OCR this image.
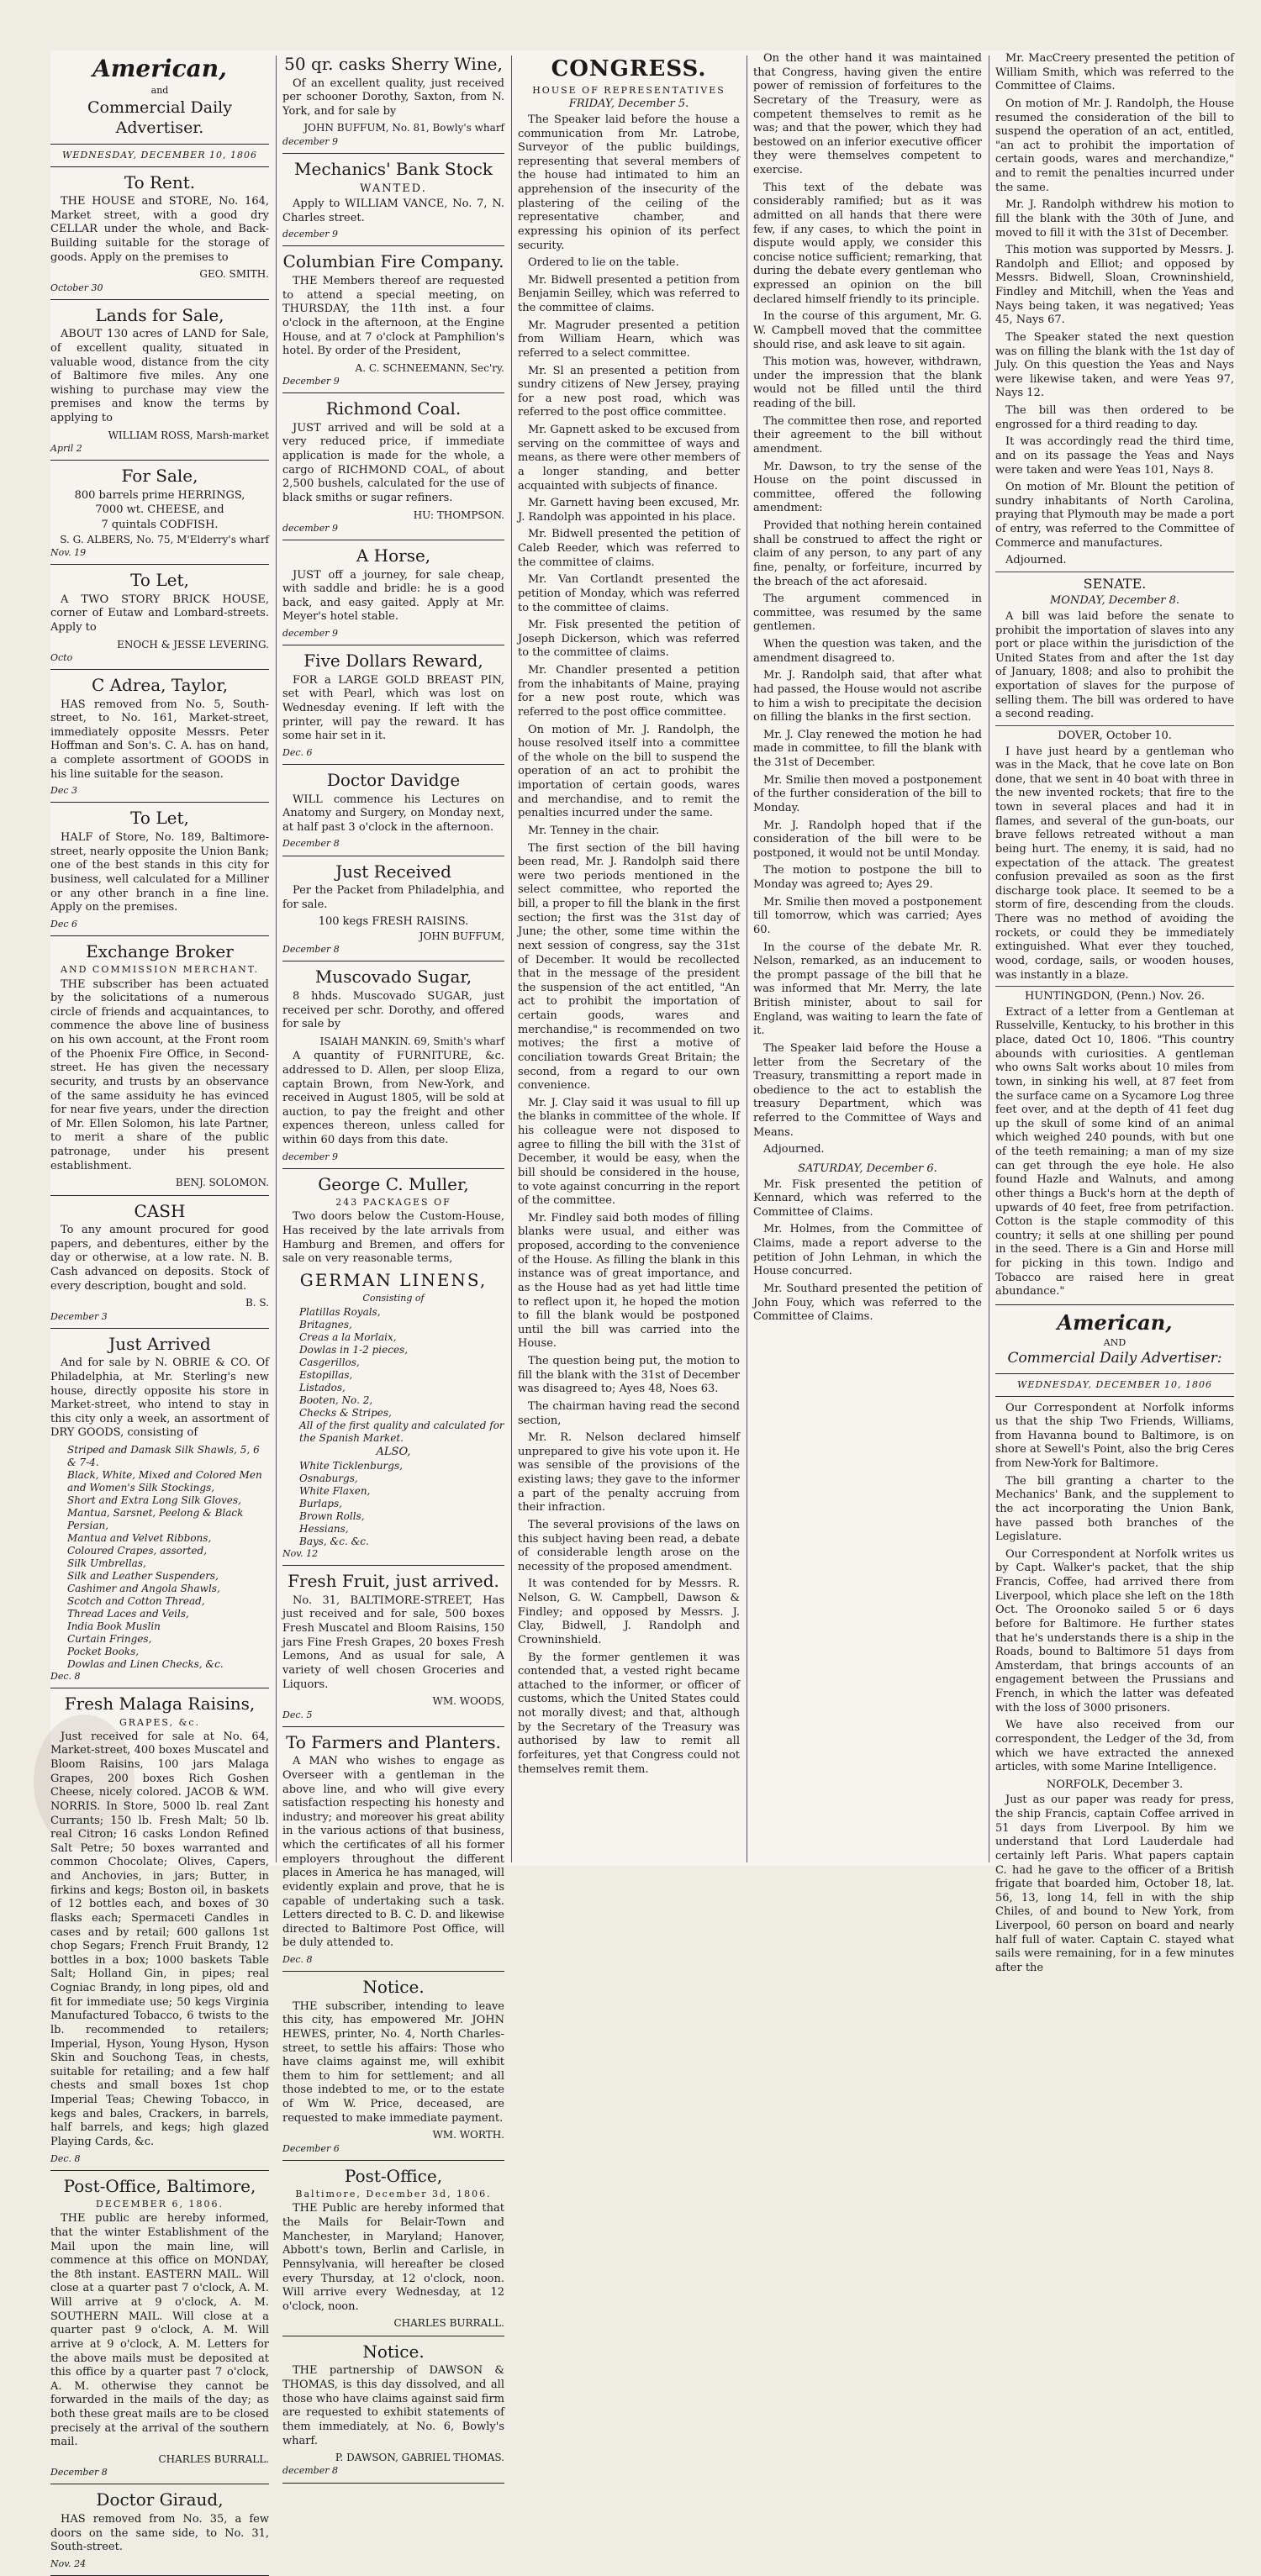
American,
and
Commercial Daily Advertiser.
WEDNESDAY, DECEMBER 10, 1806
To Rent.

THE HOUSE and STORE, No. 164, Market street, with a good dry CELLAR under the whole, and Back-Building suitable for the storage of goods. Apply on the premises to

GEO. SMITH.
October 30
Lands for Sale,

ABOUT 130 acres of LAND for Sale, of excellent quality, situated in valuable wood, distance from the city of Baltimore five miles. Any one wishing to purchase may view the premises and know the terms by applying to

WILLIAM ROSS, Marsh-market
April 2
For Sale,
800 barrels prime HERRINGS,
7000 wt. CHEESE, and
7 quintals CODFISH.
S. G. ALBERS, No. 75, M'Elderry's wharf
Nov. 19
To Let,

A TWO STORY BRICK HOUSE, corner of Eutaw and Lombard-streets. Apply to

ENOCH & JESSE LEVERING.
Octo
C Adrea, Taylor,

HAS removed from No. 5, South-street, to No. 161, Market-street, immediately opposite Messrs. Peter Hoffman and Son's. C. A. has on hand, a complete assortment of GOODS in his line suitable for the season.

Dec 3
To Let,

HALF of Store, No. 189, Baltimore-street, nearly opposite the Union Bank; one of the best stands in this city for business, well calculated for a Milliner or any other branch in a fine line. Apply on the premises.

Dec 6
Exchange Broker
AND COMMISSION MERCHANT.

THE subscriber has been actuated by the solicitations of a numerous circle of friends and acquaintances, to commence the above line of business on his own account, at the Front room of the Phoenix Fire Office, in Second-street. He has given the necessary security, and trusts by an observance of the same assiduity he has evinced for near five years, under the direction of Mr. Ellen Solomon, his late Partner, to merit a share of the public patronage, under his present establishment.

BENJ. SOLOMON.
CASH

To any amount procured for good papers, and debentures, either by the day or otherwise, at a low rate. N. B. Cash advanced on deposits. Stock of every description, bought and sold.

B. S.
December 3
Just Arrived

And for sale by N. OBRIE & CO. Of Philadelphia, at Mr. Sterling's new house, directly opposite his store in Market-street, who intend to stay in this city only a week, an assortment of DRY GOODS, consisting of

Striped and Damask Silk Shawls, 5, 6 & 7-4.
Black, White, Mixed and Colored Men and Women's Silk Stockings,
Short and Extra Long Silk Gloves,
Mantua, Sarsnet, Peelong & Black Persian,
Mantua and Velvet Ribbons,
Coloured Crapes, assorted,
Silk Umbrellas,
Silk and Leather Suspenders,
Cashimer and Angola Shawls,
Scotch and Cotton Thread,
Thread Laces and Veils,
India Book Muslin
Curtain Fringes,
Pocket Books,
Dowlas and Linen Checks, &c.
Dec. 8
Fresh Malaga Raisins,
GRAPES, &c.

Just received for sale at No. 64, Market-street, 400 boxes Muscatel and Bloom Raisins, 100 jars Malaga Grapes, 200 boxes Rich Goshen Cheese, nicely colored. JACOB & WM. NORRIS. In Store, 5000 lb. real Zant Currants; 150 lb. Fresh Malt; 50 lb. real Citron; 16 casks London Refined Salt Petre; 50 boxes warranted and common Chocolate; Olives, Capers, and Anchovies, in jars; Butter, in firkins and kegs; Boston oil, in baskets of 12 bottles each, and boxes of 30 flasks each; Spermaceti Candles in cases and by retail; 600 gallons 1st chop Segars; French Fruit Brandy, 12 bottles in a box; 1000 baskets Table Salt; Holland Gin, in pipes; real Cogniac Brandy, in long pipes, old and fit for immediate use; 50 kegs Virginia Manufactured Tobacco, 6 twists to the lb. recommended to retailers; Imperial, Hyson, Young Hyson, Hyson Skin and Souchong Teas, in chests, suitable for retailing; and a few half chests and small boxes 1st chop Imperial Teas; Chewing Tobacco, in kegs and bales, Crackers, in barrels, half barrels, and kegs; high glazed Playing Cards, &c.

Dec. 8
Post-Office, Baltimore,
DECEMBER 6, 1806.

THE public are hereby informed, that the winter Establishment of the Mail upon the main line, will commence at this office on MONDAY, the 8th instant. EASTERN MAIL. Will close at a quarter past 7 o'clock, A. M. Will arrive at 9 o'clock, A. M. SOUTHERN MAIL. Will close at a quarter past 9 o'clock, A. M. Will arrive at 9 o'clock, A. M. Letters for the above mails must be deposited at this office by a quarter past 7 o'clock, A. M. otherwise they cannot be forwarded in the mails of the day; as both these great mails are to be closed precisely at the arrival of the southern mail.

CHARLES BURRALL.
December 8
Doctor Giraud,

HAS removed from No. 35, a few doors on the same side, to No. 31, South-street.

Nov. 24
50 qr. casks Sherry Wine,

Of an excellent quality, just received per schooner Dorothy, Saxton, from N. York, and for sale by

JOHN BUFFUM, No. 81, Bowly's wharf
december 9
Mechanics' Bank Stock
WANTED.

Apply to WILLIAM VANCE, No. 7, N. Charles street.

december 9
Columbian Fire Company.

THE Members thereof are requested to attend a special meeting, on THURSDAY, the 11th inst. a four o'clock in the afternoon, at the Engine House, and at 7 o'clock at Pamphilion's hotel. By order of the President,

A. C. SCHNEEMANN, Sec'ry.
December 9
Richmond Coal.

JUST arrived and will be sold at a very reduced price, if immediate application is made for the whole, a cargo of RICHMOND COAL, of about 2,500 bushels, calculated for the use of black smiths or sugar refiners.

HU: THOMPSON.
december 9
A Horse,

JUST off a journey, for sale cheap, with saddle and bridle: he is a good back, and easy gaited. Apply at Mr. Meyer's hotel stable.

december 9
Five Dollars Reward,

FOR a LARGE GOLD BREAST PIN, set with Pearl, which was lost on Wednesday evening. If left with the printer, will pay the reward. It has some hair set in it.

Dec. 6
Doctor Davidge

WILL commence his Lectures on Anatomy and Surgery, on Monday next, at half past 3 o'clock in the afternoon.

December 8
Just Received

Per the Packet from Philadelphia, and for sale.

100 kegs FRESH RAISINS.
JOHN BUFFUM,
December 8
Muscovado Sugar,

8 hhds. Muscovado SUGAR, just received per schr. Dorothy, and offered for sale by

ISAIAH MANKIN. 69, Smith's wharf

A quantity of FURNITURE, &c. addressed to D. Allen, per sloop Eliza, captain Brown, from New-York, and received in August 1805, will be sold at auction, to pay the freight and other expences thereon, unless called for within 60 days from this date.

december 9
George C. Muller,
243 PACKAGES OF

Two doors below the Custom-House, Has received by the late arrivals from Hamburg and Bremen, and offers for sale on very reasonable terms,

GERMAN LINENS,
Consisting of
Platillas Royals,
Britagnes,
Creas a la Morlaix,
Dowlas in 1-2 pieces,
Casgerillos,
Estopillas,
Listados,
Booten, No. 2,
Checks & Stripes,
All of the first quality and calculated for the Spanish Market.
ALSO,
White Ticklenburgs,
Osnaburgs,
White Flaxen,
Burlaps,
Brown Rolls,
Hessians,
Bays, &c. &c.
Nov. 12
Fresh Fruit, just arrived.

No. 31, BALTIMORE-STREET, Has just received and for sale, 500 boxes Fresh Muscatel and Bloom Raisins, 150 jars Fine Fresh Grapes, 20 boxes Fresh Lemons, And as usual for sale, A variety of well chosen Groceries and Liquors.

WM. WOODS,
Dec. 5
To Farmers and Planters.

A MAN who wishes to engage as Overseer with a gentleman in the above line, and who will give every satisfaction respecting his honesty and industry; and moreover his great ability in the various actions of that business, which the certificates of all his former employers throughout the different places in America he has managed, will evidently explain and prove, that he is capable of undertaking such a task. Letters directed to B. C. D. and likewise directed to Baltimore Post Office, will be duly attended to.

Dec. 8
Notice.

THE subscriber, intending to leave this city, has empowered Mr. JOHN HEWES, printer, No. 4, North Charles-street, to settle his affairs: Those who have claims against me, will exhibit them to him for settlement; and all those indebted to me, or to the estate of Wm W. Price, deceased, are requested to make immediate payment.

WM. WORTH.
December 6
Post-Office,
Baltimore, December 3d, 1806.

THE Public are hereby informed that the Mails for Belair-Town and Manchester, in Maryland; Hanover, Abbott's town, Berlin and Carlisle, in Pennsylvania, will hereafter be closed every Thursday, at 12 o'clock, noon. Will arrive every Wednesday, at 12 o'clock, noon.

CHARLES BURRALL.
Notice.

THE partnership of DAWSON & THOMAS, is this day dissolved, and all those who have claims against said firm are requested to exhibit statements of them immediately, at No. 6, Bowly's wharf.

P. DAWSON, GABRIEL THOMAS.
december 8
CONGRESS.
HOUSE OF REPRESENTATIVES
FRIDAY, December 5.

The Speaker laid before the house a communication from Mr. Latrobe, Surveyor of the public buildings, representing that several members of the house had intimated to him an apprehension of the insecurity of the plastering of the ceiling of the representative chamber, and expressing his opinion of its perfect security.

Ordered to lie on the table.

Mr. Bidwell presented a petition from Benjamin Seilley, which was referred to the committee of claims.

Mr. Magruder presented a petition from William Hearn, which was referred to a select committee.

Mr. Sl an presented a petition from sundry citizens of New Jersey, praying for a new post road, which was referred to the post office committee.

Mr. Gapnett asked to be excused from serving on the committee of ways and means, as there were other members of a longer standing, and better acquainted with subjects of finance.

Mr. Garnett having been excused, Mr. J. Randolph was appointed in his place.

Mr. Bidwell presented the petition of Caleb Reeder, which was referred to the committee of claims.

Mr. Van Cortlandt presented the petition of Monday, which was referred to the committee of claims.

Mr. Fisk presented the petition of Joseph Dickerson, which was referred to the committee of claims.

Mr. Chandler presented a petition from the inhabitants of Maine, praying for a new post route, which was referred to the post office committee.

On motion of Mr. J. Randolph, the house resolved itself into a committee of the whole on the bill to suspend the operation of an act to prohibit the importation of certain goods, wares and merchandise, and to remit the penalties incurred under the same.

Mr. Tenney in the chair.

The first section of the bill having been read, Mr. J. Randolph said there were two periods mentioned in the select committee, who reported the bill, a proper to fill the blank in the first section; the first was the 31st day of June; the other, some time within the next session of congress, say the 31st of December. It would be recollected that in the message of the president the suspension of the act entitled, "An act to prohibit the importation of certain goods, wares and merchandise," is recommended on two motives; the first a motive of conciliation towards Great Britain; the second, from a regard to our own convenience.

Mr. J. Clay said it was usual to fill up the blanks in committee of the whole. If his colleague were not disposed to agree to filling the bill with the 31st of December, it would be easy, when the bill should be considered in the house, to vote against concurring in the report of the committee.

Mr. Findley said both modes of filling blanks were usual, and either was proposed, according to the convenience of the House. As filling the blank in this instance was of great importance, and as the House had as yet had little time to reflect upon it, he hoped the motion to fill the blank would be postponed until the bill was carried into the House.

The question being put, the motion to fill the blank with the 31st of December was disagreed to; Ayes 48, Noes 63.

The chairman having read the second section,

Mr. R. Nelson declared himself unprepared to give his vote upon it. He was sensible of the provisions of the existing laws; they gave to the informer a part of the penalty accruing from their infraction.

The several provisions of the laws on this subject having been read, a debate of considerable length arose on the necessity of the proposed amendment.

It was contended for by Messrs. R. Nelson, G. W. Campbell, Dawson & Findley; and opposed by Messrs. J. Clay, Bidwell, J. Randolph and Crowninshield.

By the former gentlemen it was contended that, a vested right became attached to the informer, or officer of customs, which the United States could not morally divest; and that, although by the Secretary of the Treasury was authorised by law to remit all forfeitures, yet that Congress could not themselves remit them.

On the other hand it was maintained that Congress, having given the entire power of remission of forfeitures to the Secretary of the Treasury, were as competent themselves to remit as he was; and that the power, which they had bestowed on an inferior executive officer they were themselves competent to exercise.

This text of the debate was considerably ramified; but as it was admitted on all hands that there were few, if any cases, to which the point in dispute would apply, we consider this concise notice sufficient; remarking, that during the debate every gentleman who expressed an opinion on the bill declared himself friendly to its principle.

In the course of this argument, Mr. G. W. Campbell moved that the committee should rise, and ask leave to sit again.

This motion was, however, withdrawn, under the impression that the blank would not be filled until the third reading of the bill.

The committee then rose, and reported their agreement to the bill without amendment.

Mr. Dawson, to try the sense of the House on the point discussed in committee, offered the following amendment:

Provided that nothing herein contained shall be construed to affect the right or claim of any person, to any part of any fine, penalty, or forfeiture, incurred by the breach of the act aforesaid.

The argument commenced in committee, was resumed by the same gentlemen.

When the question was taken, and the amendment disagreed to.

Mr. J. Randolph said, that after what had passed, the House would not ascribe to him a wish to precipitate the decision on filling the blanks in the first section.

Mr. J. Clay renewed the motion he had made in committee, to fill the blank with the 31st of December.

Mr. Smilie then moved a postponement of the further consideration of the bill to Monday.

Mr. J. Randolph hoped that if the consideration of the bill were to be postponed, it would not be until Monday.

The motion to postpone the bill to Monday was agreed to; Ayes 29.

Mr. Smilie then moved a postponement till tomorrow, which was carried; Ayes 60.

In the course of the debate Mr. R. Nelson, remarked, as an inducement to the prompt passage of the bill that he was informed that Mr. Merry, the late British minister, about to sail for England, was waiting to learn the fate of it.

The Speaker laid before the House a letter from the Secretary of the Treasury, transmitting a report made in obedience to the act to establish the treasury Department, which was referred to the Committee of Ways and Means.

Adjourned.

SATURDAY, December 6.

Mr. Fisk presented the petition of Kennard, which was referred to the Committee of Claims.

Mr. Holmes, from the Committee of Claims, made a report adverse to the petition of John Lehman, in which the House concurred.

Mr. Southard presented the petition of John Fouy, which was referred to the Committee of Claims.

Mr. MacCreery presented the petition of William Smith, which was referred to the Committee of Claims.

On motion of Mr. J. Randolph, the House resumed the consideration of the bill to suspend the operation of an act, entitled, "an act to prohibit the importation of certain goods, wares and merchandize," and to remit the penalties incurred under the same.

Mr. J. Randolph withdrew his motion to fill the blank with the 30th of June, and moved to fill it with the 31st of December.

This motion was supported by Messrs. J. Randolph and Elliot; and opposed by Messrs. Bidwell, Sloan, Crowninshield, Findley and Mitchill, when the Yeas and Nays being taken, it was negatived; Yeas 45, Nays 67.

The Speaker stated the next question was on filling the blank with the 1st day of July. On this question the Yeas and Nays were likewise taken, and were Yeas 97, Nays 12.

The bill was then ordered to be engrossed for a third reading to day.

It was accordingly read the third time, and on its passage the Yeas and Nays were taken and were Yeas 101, Nays 8.

On motion of Mr. Blount the petition of sundry inhabitants of North Carolina, praying that Plymouth may be made a port of entry, was referred to the Committee of Commerce and manufactures.

Adjourned.

SENATE.
MONDAY, December 8.

A bill was laid before the senate to prohibit the importation of slaves into any port or place within the jurisdiction of the United States from and after the 1st day of January, 1808; and also to prohibit the exportation of slaves for the purpose of selling them. The bill was ordered to have a second reading.

DOVER, October 10.

I have just heard by a gentleman who was in the Mack, that he cove late on Bon done, that we sent in 40 boat with three in the new invented rockets; that fire to the town in several places and had it in flames, and several of the gun-boats, our brave fellows retreated without a man being hurt. The enemy, it is said, had no expectation of the attack. The greatest confusion prevailed as soon as the first discharge took place. It seemed to be a storm of fire, descending from the clouds. There was no method of avoiding the rockets, or could they be immediately extinguished. What ever they touched, wood, cordage, sails, or wooden houses, was instantly in a blaze.

HUNTINGDON, (Penn.) Nov. 26.

Extract of a letter from a Gentleman at Russelville, Kentucky, to his brother in this place, dated Oct 10, 1806. "This country abounds with curiosities. A gentleman who owns Salt works about 10 miles from town, in sinking his well, at 87 feet from the surface came on a Sycamore Log three feet over, and at the depth of 41 feet dug up the skull of some kind of an animal which weighed 240 pounds, with but one of the teeth remaining; a man of my size can get through the eye hole. He also found Hazle and Walnuts, and among other things a Buck's horn at the depth of upwards of 40 feet, free from petrifaction. Cotton is the staple commodity of this country; it sells at one shilling per pound in the seed. There is a Gin and Horse mill for picking in this town. Indigo and Tobacco are raised here in great abundance."

American,
AND
Commercial Daily Advertiser:
WEDNESDAY, DECEMBER 10, 1806

Our Correspondent at Norfolk informs us that the ship Two Friends, Williams, from Havanna bound to Baltimore, is on shore at Sewell's Point, also the brig Ceres from New-York for Baltimore.

The bill granting a charter to the Mechanics' Bank, and the supplement to the act incorporating the Union Bank, have passed both branches of the Legislature.

Our Correspondent at Norfolk writes us by Capt. Walker's packet, that the ship Francis, Coffee, had arrived there from Liverpool, which place she left on the 18th Oct. The Oroonoko sailed 5 or 6 days before for Baltimore. He further states that he's understands there is a ship in the Roads, bound to Baltimore 51 days from Amsterdam, that brings accounts of an engagement between the Prussians and French, in which the latter was defeated with the loss of 3000 prisoners.

We have also received from our correspondent, the Ledger of the 3d, from which we have extracted the annexed articles, with some Marine Intelligence.

NORFOLK, December 3.

Just as our paper was ready for press, the ship Francis, captain Coffee arrived in 51 days from Liverpool. By him we understand that Lord Lauderdale had certainly left Paris. What papers captain C. had he gave to the officer of a British frigate that boarded him, October 18, lat. 56, 13, long 14, fell in with the ship Chiles, of and bound to New York, from Liverpool, 60 person on board and nearly half full of water. Captain C. stayed what sails were remaining, for in a few minutes after the
